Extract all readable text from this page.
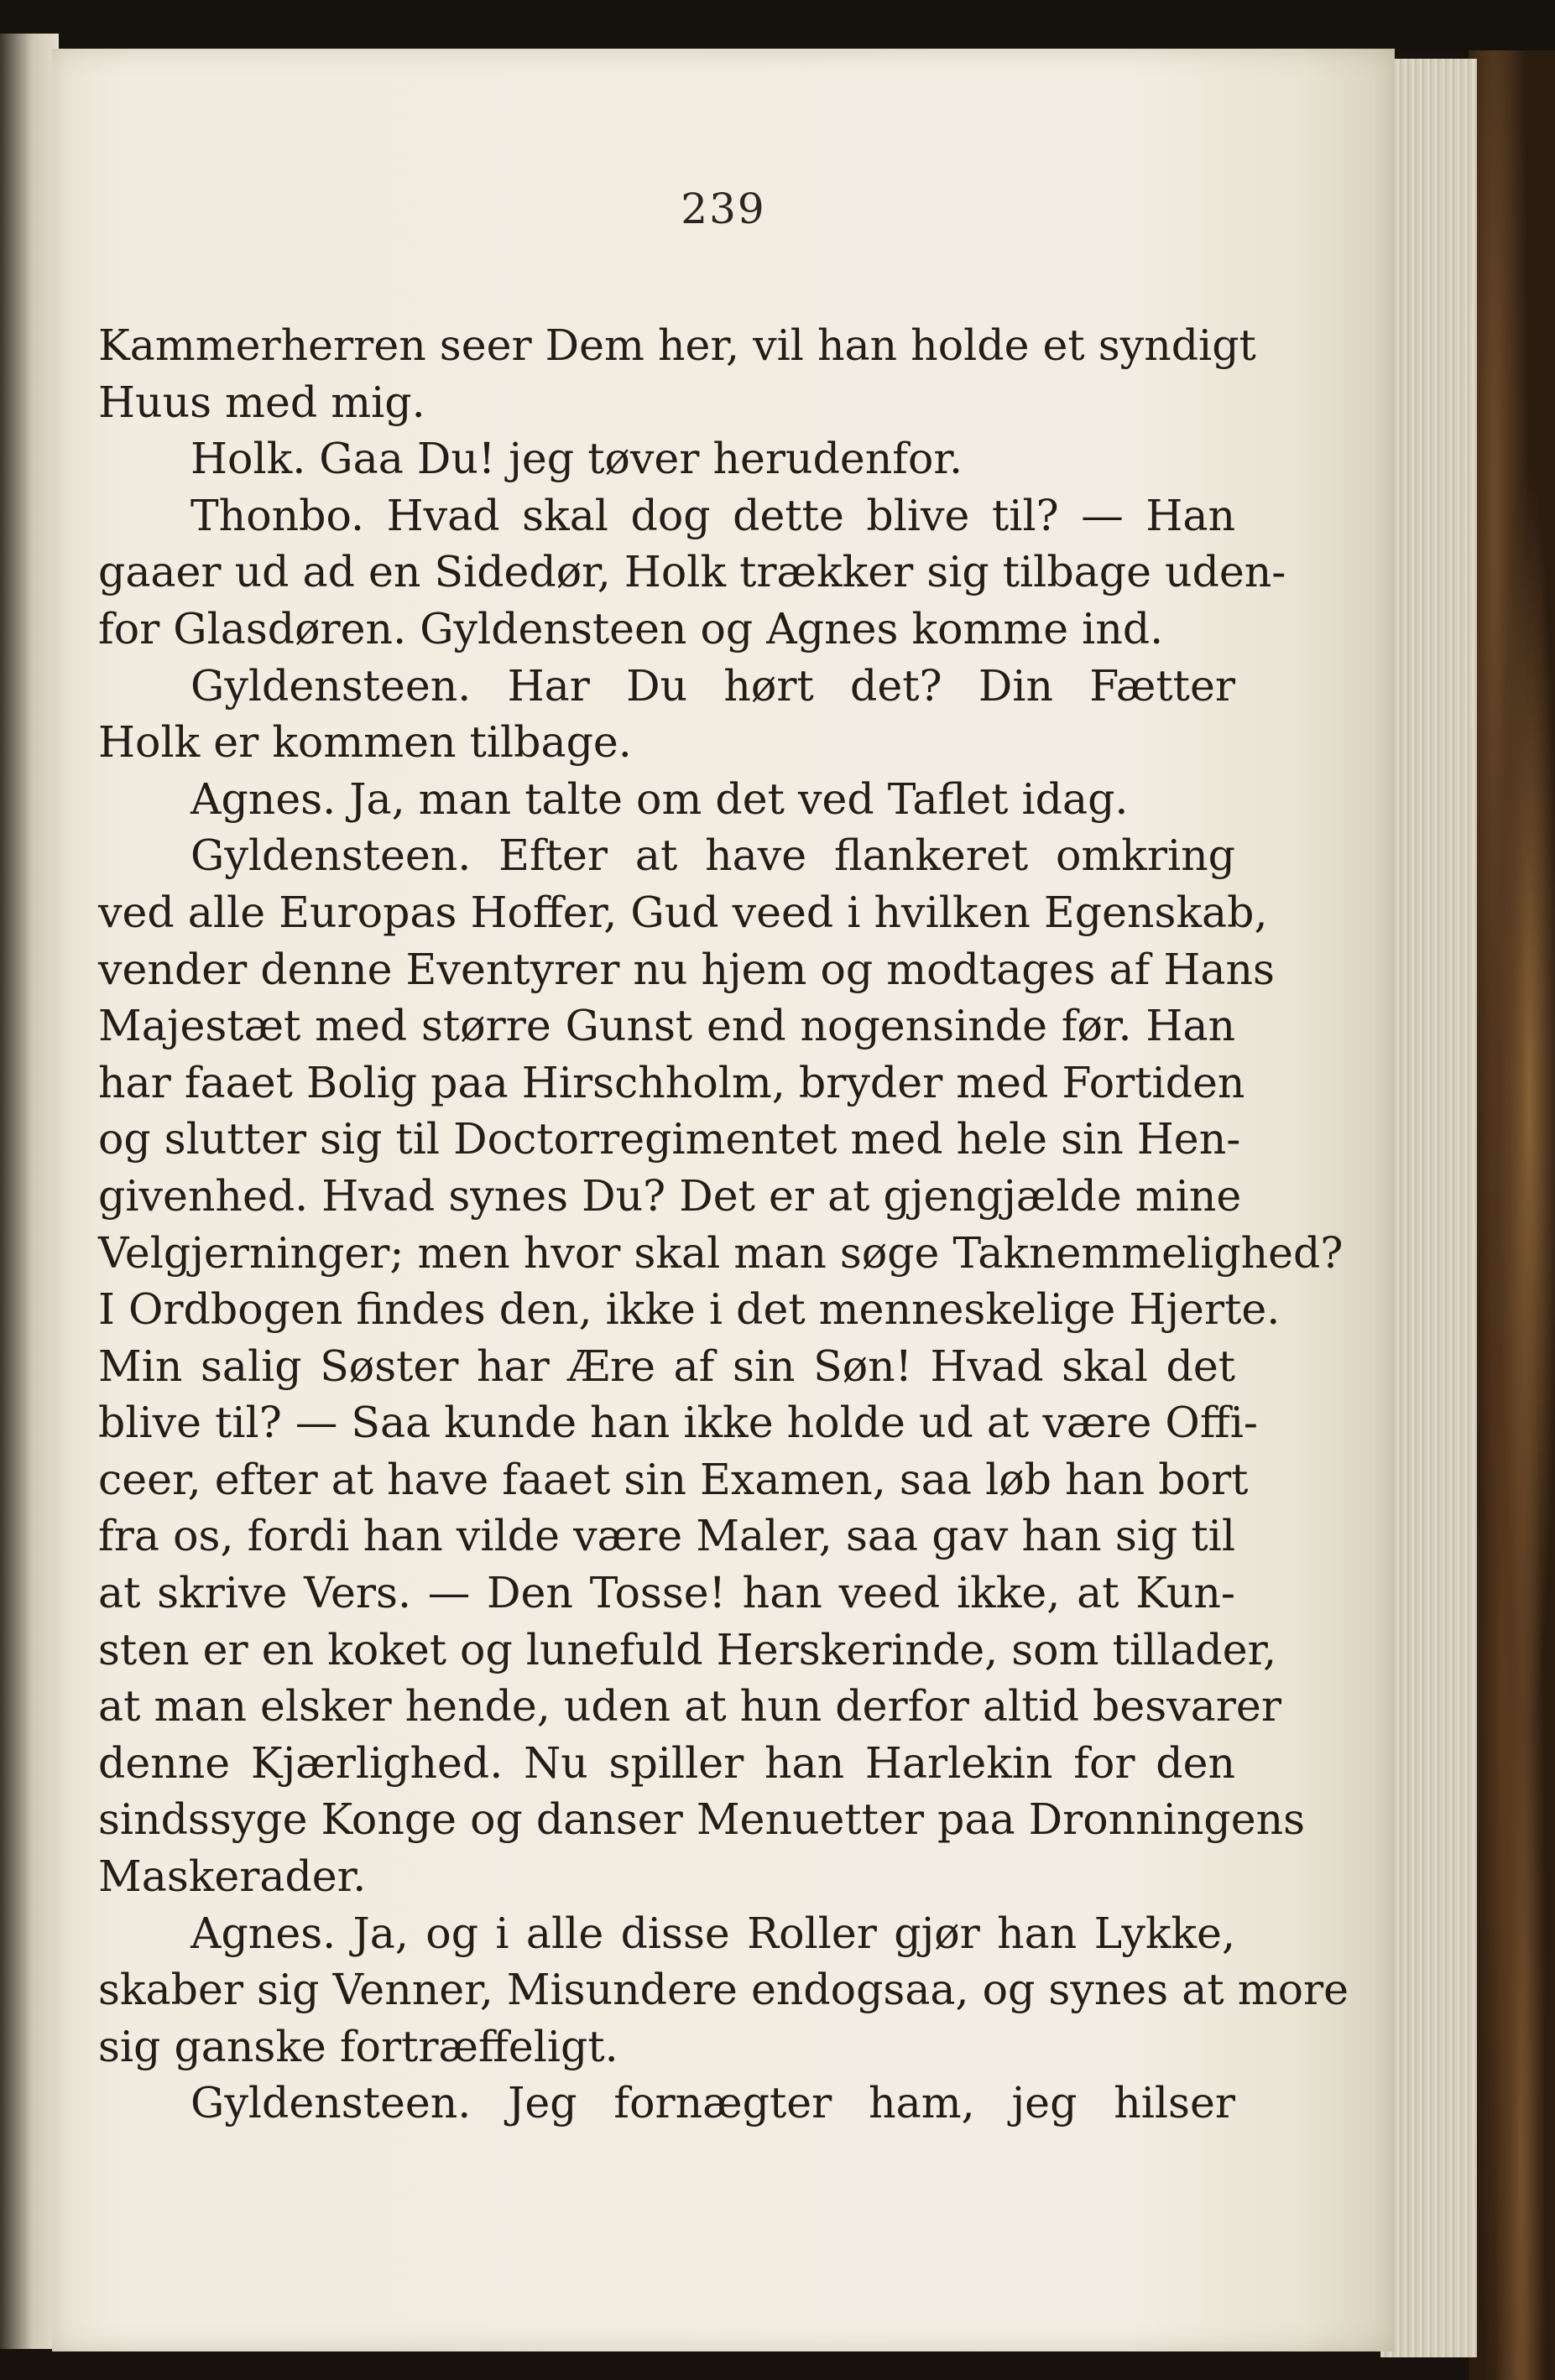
239
Kammerherren seer Dem her, vil han holde et syndigt
Huus med mig.
Holk. Gaa Du! jeg tøver herudenfor.
Thonbo. Hvad skal dog dette blive til? — Han
gaaer ud ad en Sidedør, Holk trækker sig tilbage uden-
for Glasdøren. Gyldensteen og Agnes komme ind.
Gyldensteen. Har Du hørt det? Din Fætter
Holk er kommen tilbage.
Agnes. Ja, man talte om det ved Taflet idag.
Gyldensteen. Efter at have flankeret omkring
ved alle Europas Hoffer, Gud veed i hvilken Egenskab,
vender denne Eventyrer nu hjem og modtages af Hans
Majestæt med større Gunst end nogensinde før. Han
har faaet Bolig paa Hirschholm, bryder med Fortiden
og slutter sig til Doctorregimentet med hele sin Hen-
givenhed. Hvad synes Du? Det er at gjengjælde mine
Velgjerninger; men hvor skal man søge Taknemmelighed?
I Ordbogen findes den, ikke i det menneskelige Hjerte.
Min salig Søster har Ære af sin Søn! Hvad skal det
blive til? — Saa kunde han ikke holde ud at være Offi-
ceer, efter at have faaet sin Examen, saa løb han bort
fra os, fordi han vilde være Maler, saa gav han sig til
at skrive Vers. — Den Tosse! han veed ikke, at Kun-
sten er en koket og lunefuld Herskerinde, som tillader,
at man elsker hende, uden at hun derfor altid besvarer
denne Kjærlighed. Nu spiller han Harlekin for den
sindssyge Konge og danser Menuetter paa Dronningens
Maskerader.
Agnes. Ja, og i alle disse Roller gjør han Lykke,
skaber sig Venner, Misundere endogsaa, og synes at more
sig ganske fortræffeligt.
Gyldensteen. Jeg fornægter ham, jeg hilser
